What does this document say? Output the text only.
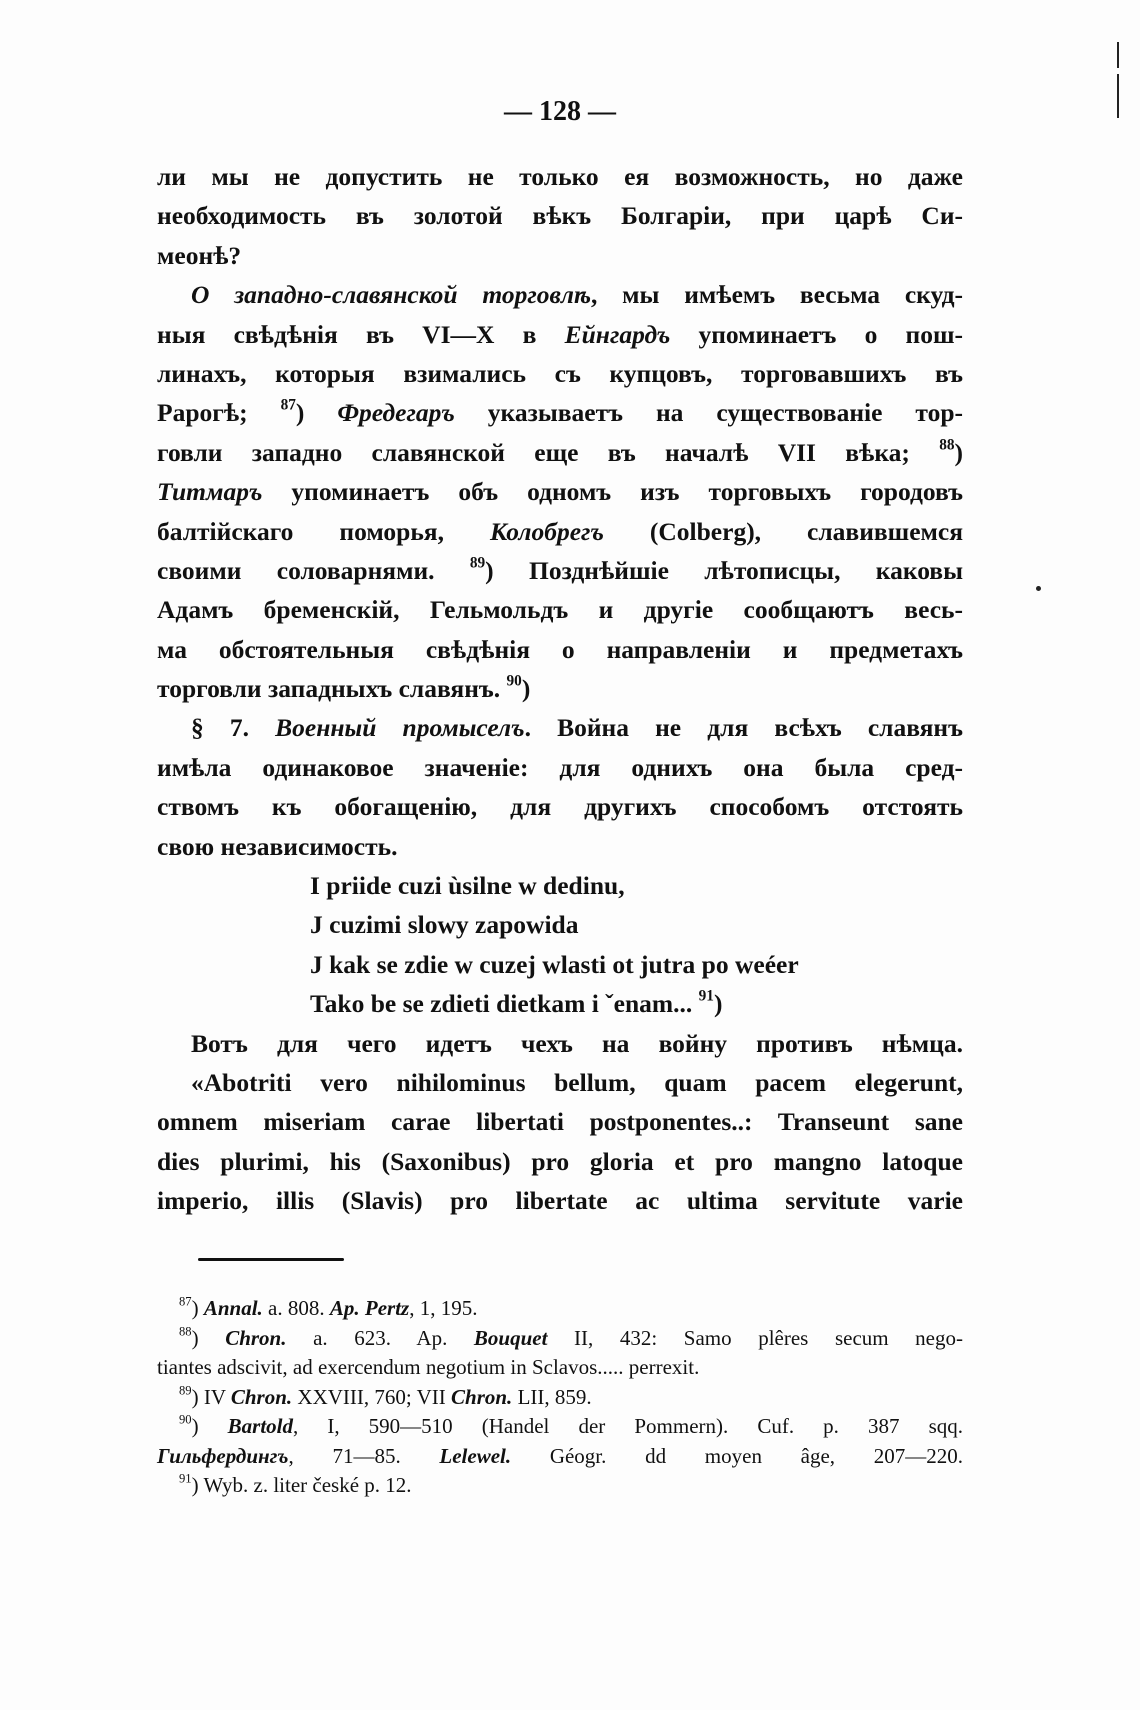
— 128 —
ли мы не допустить не только ея возможность, но даже
необходимость въ золотой вѣкъ Болгаріи, при царѣ Си-
меонѣ?
О западно-славянской торговлѣ, мы имѣемъ весьма скуд-
ныя свѣдѣнія въ VI—X в Ейнгардъ упоминаетъ о пош-
линахъ, которыя взимались съ купцовъ, торговавшихъ въ
Рарогѣ; $^{87}$) Фредегаръ указываетъ на существованіе тор-
говли западно славянской еще въ началѣ VII вѣка; $^{88}$)
Титмаръ упоминаетъ объ одномъ изъ торговыхъ городовъ
балтійскаго поморья, Колобрегъ (Colberg), славившемся
своими соловарнями. $^{89}$) Позднѣйшіе лѣтописцы, каковы
Адамъ бременскій, Гельмольдъ и другіе сообщаютъ весь-
ма обстоятельныя свѣдѣнія о направленіи и предметахъ
торговли западныхъ славянъ. $^{90}$)
§ 7. Военный промыселъ. Война не для всѣхъ славянъ
имѣла одинаковое значеніе: для однихъ она была сред-
ствомъ къ обогащенію, для другихъ способомъ отстоять
свою независимость.
I priide cuzi ùsilne w dedinu,
J cuzimi slowy zapowida
J kak se zdie w cuzej wlasti ot jutra po weéer
Tako be se zdieti dietkam i ˇenam... $^{91}$)
Вотъ для чего идетъ чехъ на войну противъ нѣмца.
«Abotriti vero nihilominus bellum, quam pacem elegerunt,
omnem miseriam carae libertati postponentes..: Transeunt sane
dies plurimi, his (Saxonibus) pro gloria et pro mangno latoque
imperio, illis (Slavis) pro libertate ac ultima servitute varie
$^{87}$) Annal. a. 808. Ap. Pertz, 1, 195.
$^{88}$) Chron. a. 623. Ap. Bouquet II, 432: Samo plêres secum nego-
tiantes adscivit, ad exercendum negotium in Sclavos..... perrexit.
$^{89}$) IV Chron. XXVIII, 760; VII Chron. LII, 859.
$^{90}$) Bartold, I, 590—510 (Handel der Pommern). Cuf. p. 387 sqq.
Гильфердингъ, 71—85. Lelewel. Géogr. dd moyen âge, 207—220.
$^{91}$) Wyb. z. liter české p. 12.
